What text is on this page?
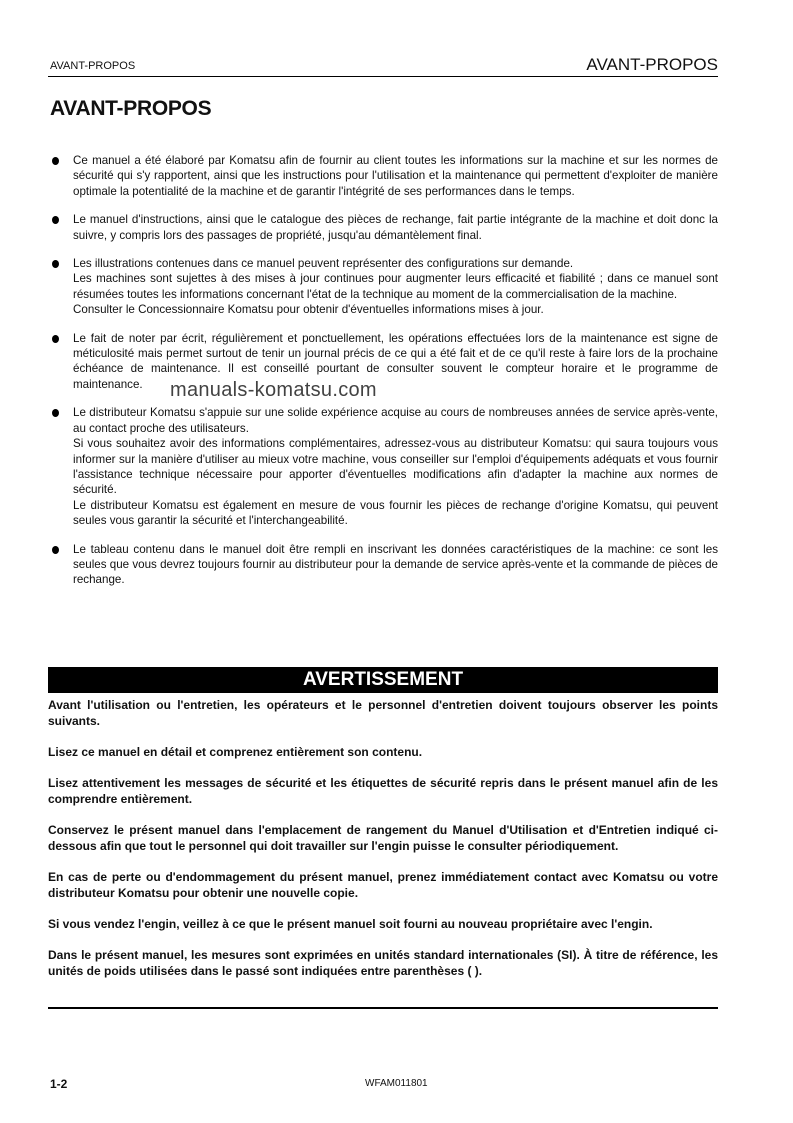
AVANT-PROPOS	AVANT-PROPOS
AVANT-PROPOS

Ce manuel a été élaboré par Komatsu afin de fournir au client toutes les informations sur la machine et sur les normes de sécurité qui s'y rapportent, ainsi que les instructions pour l'utilisation et la maintenance qui permettent d'exploiter de manière optimale la potentialité de la machine et de garantir l'intégrité de ses performances dans le temps.

Le manuel d'instructions, ainsi que le catalogue des pièces de rechange, fait partie intégrante de la machine et doit donc la suivre, y compris lors des passages de propriété, jusqu'au démantèlement final.

Les illustrations contenues dans ce manuel peuvent représenter des configurations sur demande.

Les machines sont sujettes à des mises à jour continues pour augmenter leurs efficacité et fiabilité ; dans ce manuel sont résumées toutes les informations concernant l'état de la technique au moment de la commercialisation de la machine.

Consulter le Concessionnaire Komatsu pour obtenir d'éventuelles informations mises à jour.

Le fait de noter par écrit, régulièrement et ponctuellement, les opérations effectuées lors de la maintenance est signe de méticulosité mais permet surtout de tenir un journal précis de ce qui a été fait et de ce qu'il reste à faire lors de la prochaine échéance de maintenance. Il est conseillé pourtant de consulter souvent le compteur horaire et le programme de maintenance.

Le distributeur Komatsu s'appuie sur une solide expérience acquise au cours de nombreuses années de service après-vente, au contact proche des utilisateurs.

Si vous souhaitez avoir des informations complémentaires, adressez-vous au distributeur Komatsu: qui saura toujours vous informer sur la manière d'utiliser au mieux votre machine, vous conseiller sur l'emploi d'équipements adéquats et vous fournir l'assistance technique nécessaire pour apporter d'éventuelles modifications afin d'adapter la machine aux normes de sécurité.

Le distributeur Komatsu est également en mesure de vous fournir les pièces de rechange d'origine Komatsu, qui peuvent seules vous garantir la sécurité et l'interchangeabilité.

Le tableau contenu dans le manuel doit être rempli en inscrivant les données caractéristiques de la machine: ce sont les seules que vous devrez toujours fournir au distributeur pour la demande de service après-vente et la commande de pièces de rechange.

manuals-komatsu.com
AVERTISSEMENT

Avant l'utilisation ou l'entretien, les opérateurs et le personnel d'entretien doivent toujours observer les points suivants.

Lisez ce manuel en détail et comprenez entièrement son contenu.

Lisez attentivement les messages de sécurité et les étiquettes de sécurité repris dans le présent manuel afin de les comprendre entièrement.

Conservez le présent manuel dans l'emplacement de rangement du Manuel d'Utilisation et d'Entretien indiqué ci-dessous afin que tout le personnel qui doit travailler sur l'engin puisse le consulter périodiquement.

En cas de perte ou d'endommagement du présent manuel, prenez immédiatement contact avec Komatsu ou votre distributeur Komatsu pour obtenir une nouvelle copie.

Si vous vendez l'engin, veillez à ce que le présent manuel soit fourni au nouveau propriétaire avec l'engin.

Dans le présent manuel, les mesures sont exprimées en unités standard internationales (SI). À titre de référence, les unités de poids utilisées dans le passé sont indiquées entre parenthèses ( ).

1-2	WFAM011801
